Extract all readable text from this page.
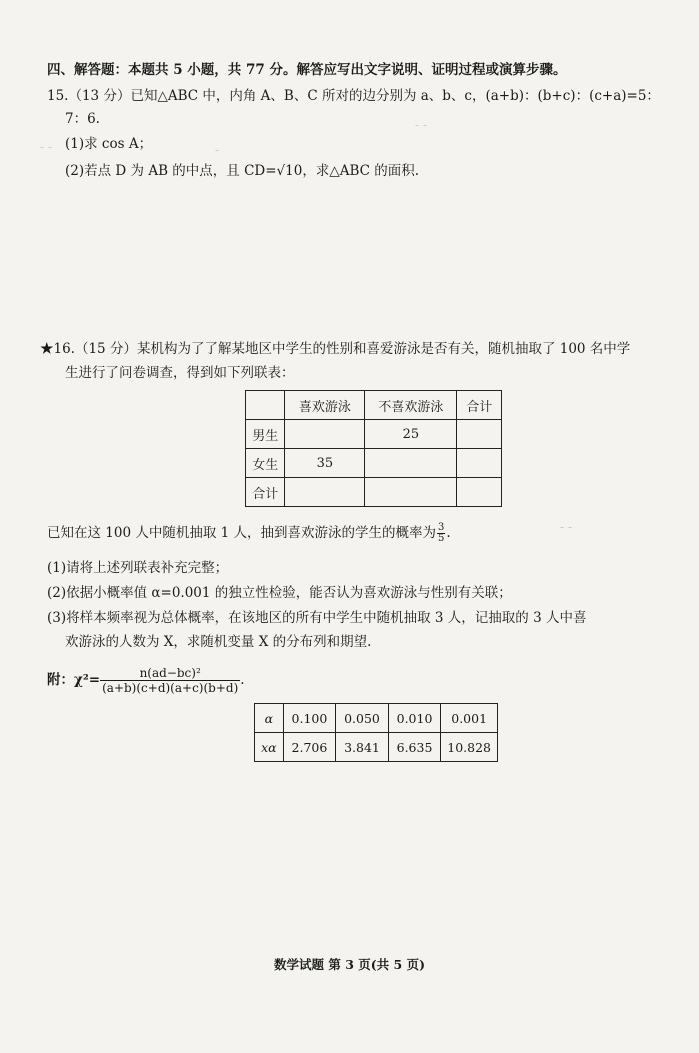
‐ ‐	‐
‐ ‐
‐ ‐
四、解答题：本题共 5 小题，共 77 分。解答应写出文字说明、证明过程或演算步骤。
15.（13 分）已知△ABC 中，内角 A、B、C 所对的边分别为 a、b、c，(a+b)：(b+c)：(c+a)=5：
7：6.
(1)求 cos A；
(2)若点 D 为 AB 的中点，且 CD=√10，求△ABC 的面积.
★16.（15 分）某机构为了了解某地区中学生的性别和喜爱游泳是否有关，随机抽取了 100 名中学
生进行了问卷调查，得到如下列联表：
	喜欢游泳	不喜欢游泳	合计
男生		25	
女生	35		
合计			
已知在这 100 人中随机抽取 1 人，抽到喜欢游泳的学生的概率为 $\frac{3}{5}$ .
(1)请将上述列联表补充完整；
(2)依据小概率值 α=0.001 的独立性检验，能否认为喜欢游泳与性别有关联；
(3)将样本频率视为总体概率，在该地区的所有中学生中随机抽取 3 人，记抽取的 3 人中喜
欢游泳的人数为 X，求随机变量 X 的分布列和期望.
附：$\chi^2= \frac{\text{n(ad−bc)²}}{(a+b)(c+d)(a+c)(b+d)}$ .
α	0.100	0.050	0.010	0.001
xα	2.706	3.841	6.635	10.828
数学试题 第 3 页(共 5 页)
